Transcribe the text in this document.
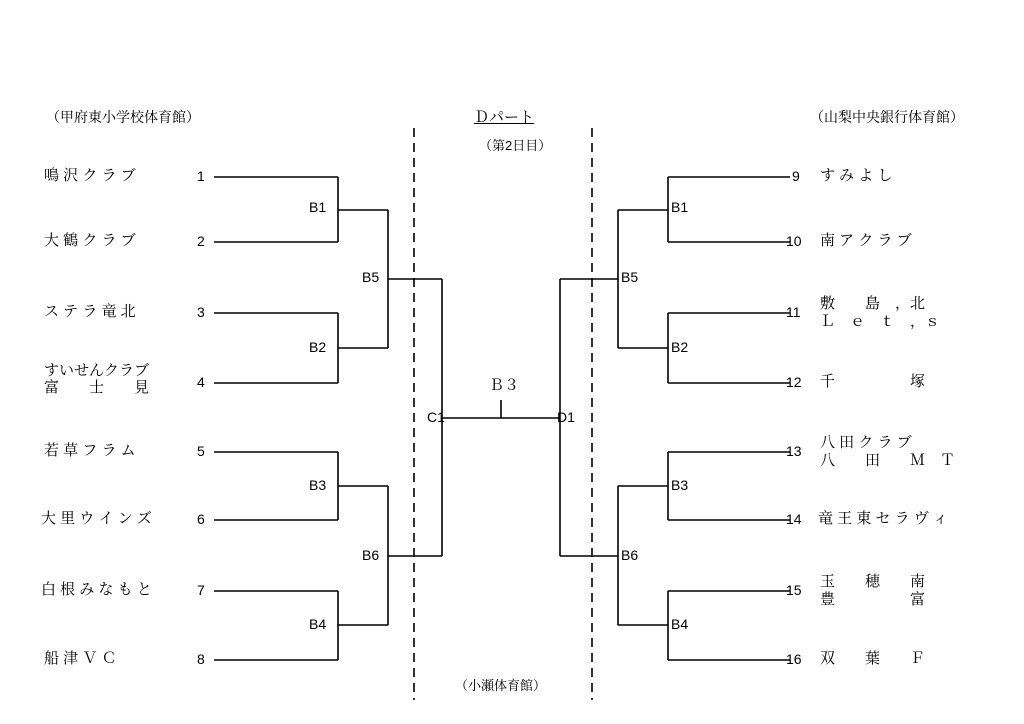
（甲府東小学校体育館）	（山梨中央銀行体育館）
Ｄパート
（第2日目）
（小瀬体育館）
鳴 沢 ク ラ ブ	1
大 鶴 ク ラ ブ	2
ス テ ラ 竜 北	3
すいせんクラブ
富　　士　　見	4
若 草 フ ラ ム	5
大 里 ウ イ ン ズ	6
白 根 み な も と	7
船 津 Ｖ Ｃ	8
B1
B2
B3
B4
B5
B6
C1
Ｂ３
D1
B1
B2
B3
B4
B5
B6
9 す み よ し
10 南 ア ク ラ ブ
11 敷　　島　，北
Ｌ　ｅ　ｔ　，ｓ
12 千　　　　　塚
13 八 田 ク ラ ブ
八　　田　　Ｍ　Ｔ
14 竜 王 東 セ ラ ヴ ィ
15 玉　　穂　　南
豊　　　　　富
16 双　　葉　　Ｆ
